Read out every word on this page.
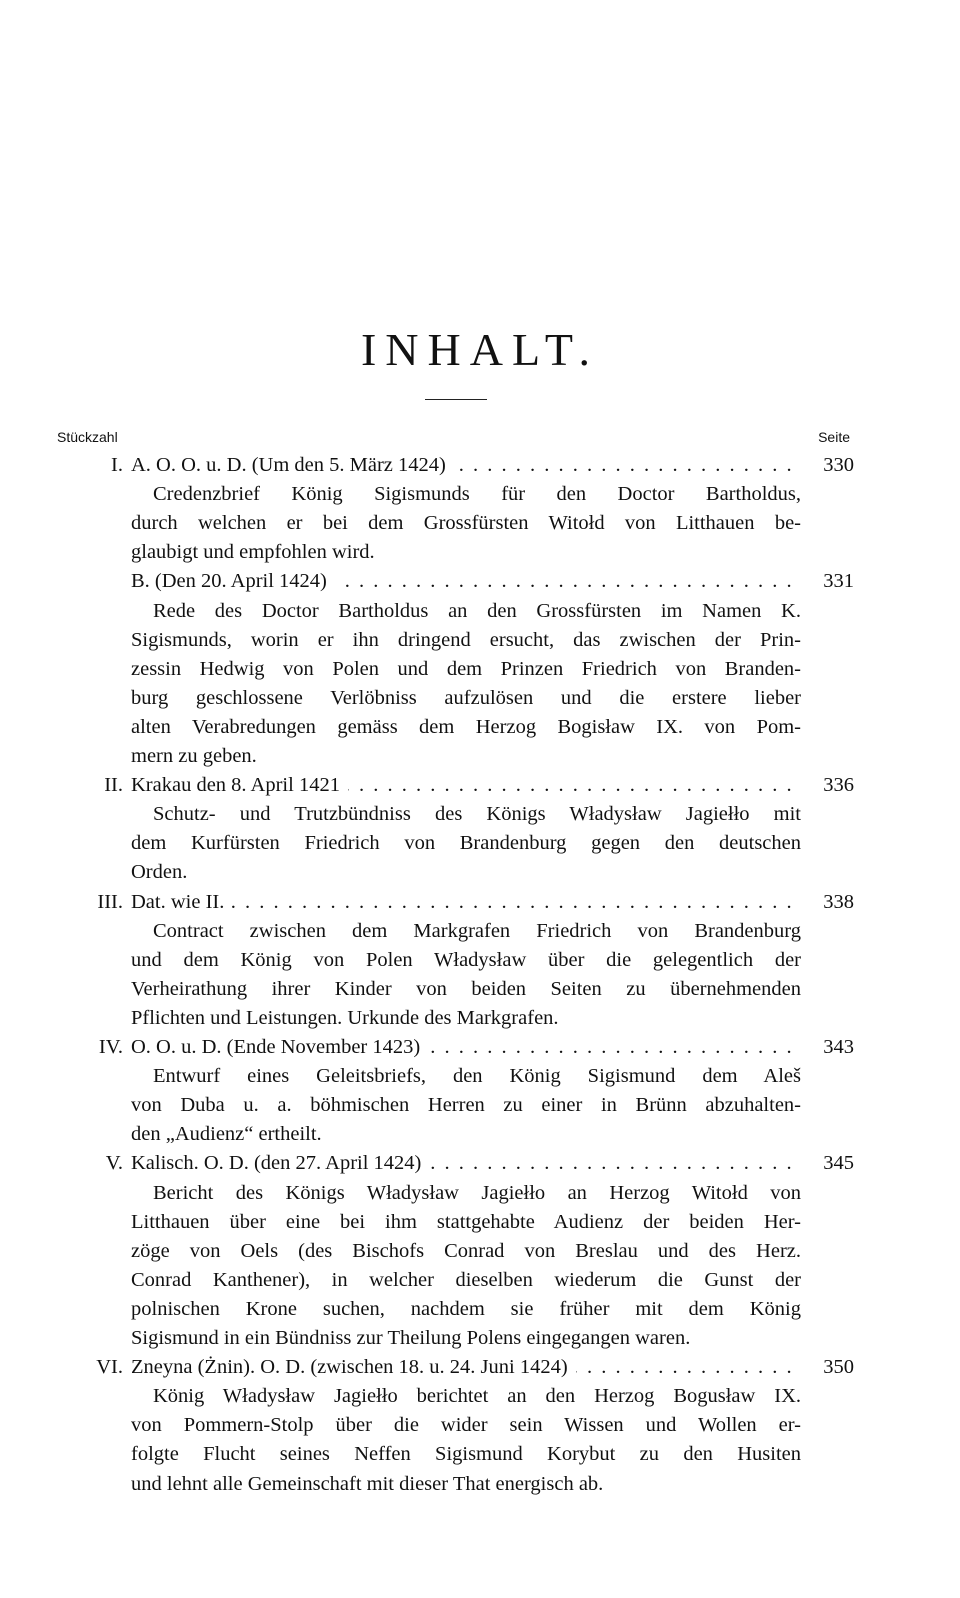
INHALT.
Stückzahl	Seite
I. A. O. O. u. D. (Um den 5. März 1424) . . .	330
Credenzbrief König Sigismunds für den Doctor Bartholdus,
durch welchen er bei dem Grossfürsten Witołd von Litthauen be-
glaubigt und empfohlen wird.
B. (Den 20. April 1424) . . .	331
Rede des Doctor Bartholdus an den Grossfürsten im Namen K.
Sigismunds, worin er ihn dringend ersucht, das zwischen der Prin-
zessin Hedwig von Polen und dem Prinzen Friedrich von Branden-
burg geschlossene Verlöbniss aufzulösen und die erstere lieber
alten Verabredungen gemäss dem Herzog Bogisław IX. von Pom-
mern zu geben.
II. Krakau den 8. April 1421 . . .	336
Schutz- und Trutzbündniss des Königs Władysław Jagiełło mit
dem Kurfürsten Friedrich von Brandenburg gegen den deutschen
Orden.
III. Dat. wie II. . . .	338
Contract zwischen dem Markgrafen Friedrich von Brandenburg
und dem König von Polen Władysław über die gelegentlich der
Verheirathung ihrer Kinder von beiden Seiten zu übernehmenden
Pflichten und Leistungen. Urkunde des Markgrafen.
IV. O. O. u. D. (Ende November 1423) . . .	343
Entwurf eines Geleitsbriefs, den König Sigismund dem Aleš
von Duba u. a. böhmischen Herren zu einer in Brünn abzuhalten-
den „Audienz“ ertheilt.
V. Kalisch. O. D. (den 27. April 1424) . . .	345
Bericht des Königs Władysław Jagiełło an Herzog Witołd von
Litthauen über eine bei ihm stattgehabte Audienz der beiden Her-
zöge von Oels (des Bischofs Conrad von Breslau und des Herz.
Conrad Kanthener), in welcher dieselben wiederum die Gunst der
polnischen Krone suchen, nachdem sie früher mit dem König
Sigismund in ein Bündniss zur Theilung Polens eingegangen waren.
VI. Zneyna (Żnin). O. D. (zwischen 18. u. 24. Juni 1424) . . .	350
König Władysław Jagiełło berichtet an den Herzog Bogusław IX.
von Pommern-Stolp über die wider sein Wissen und Wollen er-
folgte Flucht seines Neffen Sigismund Korybut zu den Husiten
und lehnt alle Gemeinschaft mit dieser That energisch ab.
